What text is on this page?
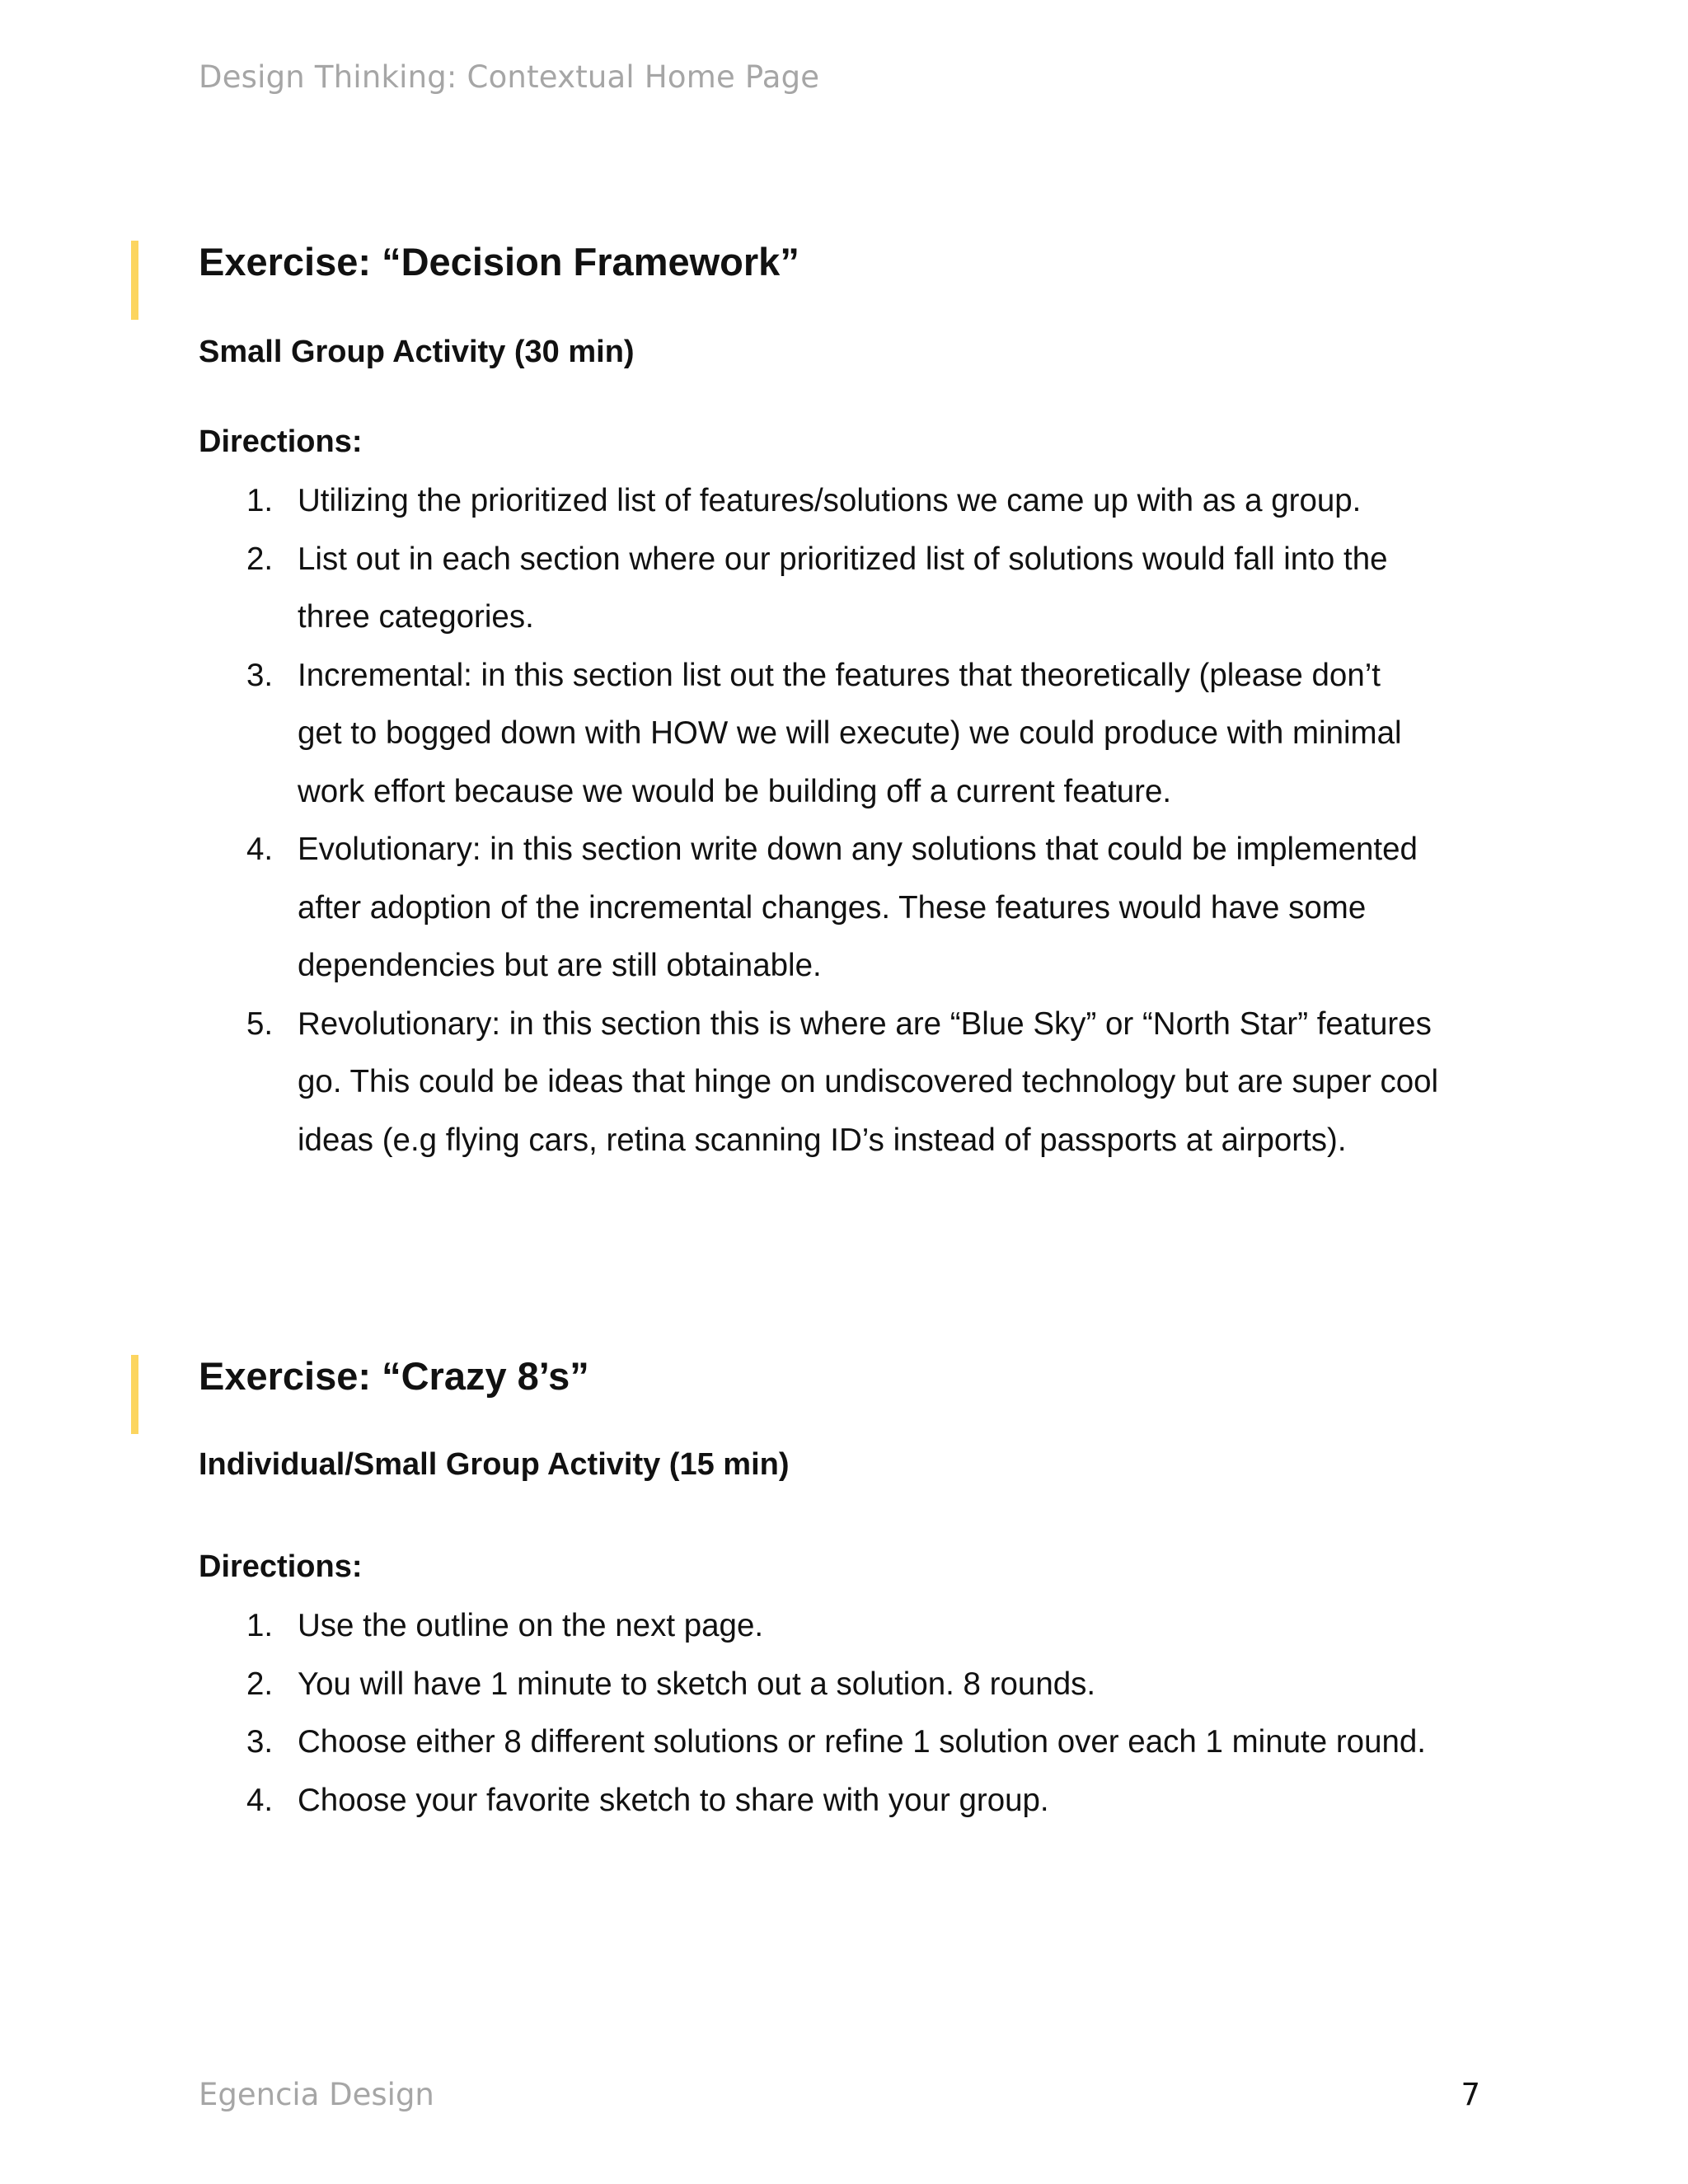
Design Thinking: Contextual Home Page
Exercise: “Decision Framework”
Small Group Activity (30 min)
Directions:
1. Utilizing the prioritized list of features/solutions we came up with as a group.
2. List out in each section where our prioritized list of solutions would fall into the
three categories.
3. Incremental: in this section list out the features that theoretically (please don’t
get to bogged down with HOW we will execute) we could produce with minimal
work effort because we would be building off a current feature.
4. Evolutionary: in this section write down any solutions that could be implemented
after adoption of the incremental changes. These features would have some
dependencies but are still obtainable.
5. Revolutionary: in this section this is where are “Blue Sky” or “North Star” features
go. This could be ideas that hinge on undiscovered technology but are super cool
ideas (e.g flying cars, retina scanning ID’s instead of passports at airports).
Exercise: “Crazy 8’s”
Individual/Small Group Activity (15 min)
Directions:
1. Use the outline on the next page.
2. You will have 1 minute to sketch out a solution. 8 rounds.
3. Choose either 8 different solutions or refine 1 solution over each 1 minute round.
4. Choose your favorite sketch to share with your group.
Egencia Design	7
